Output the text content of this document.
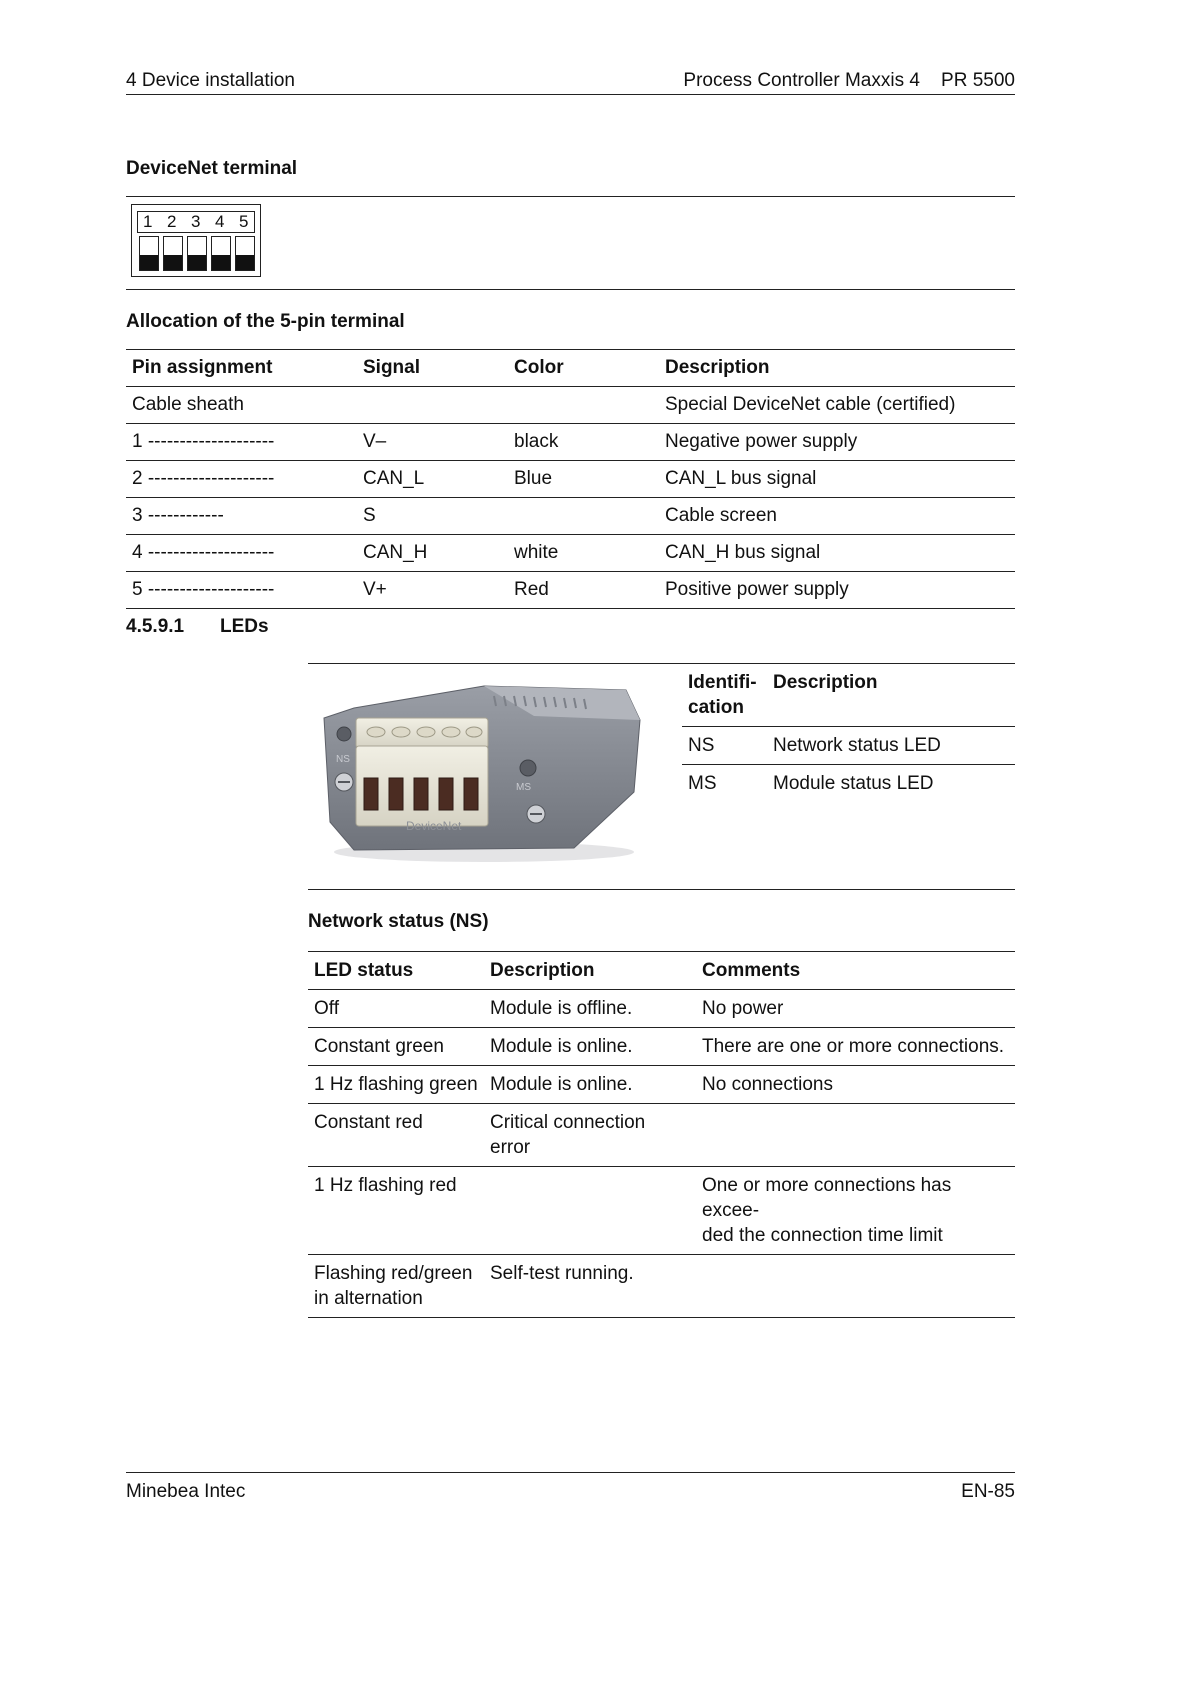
4 Device installation	Process Controller Maxxis 4    PR 5500
DeviceNet terminal
1 2 3 4 5
Allocation of the 5-pin terminal
Pin assignment	Signal	Color	Description
Cable sheath			Special DeviceNet cable (certified)
1 --------------------	V–	black	Negative power supply
2 --------------------	CAN_L	Blue	CAN_L bus signal
3 ------------	S		Cable screen
4 --------------------	CAN_H	white	CAN_H bus signal
5 --------------------	V+	Red	Positive power supply
4.5.9.1 LEDs
NS
MS
DeviceNet
Identifi-
cation	Description
NS	Network status LED
MS	Module status LED
Network status (NS)
LED status	Description	Comments
Off	Module is offline.	No power
Constant green	Module is online.	There are one or more connections.
1 Hz flashing green	Module is online.	No connections
Constant red	Critical connection error	
1 Hz flashing red		One or more connections has excee-
ded the connection time limit
Flashing red/green
in alternation	Self-test running.	
Minebea Intec	EN-85
